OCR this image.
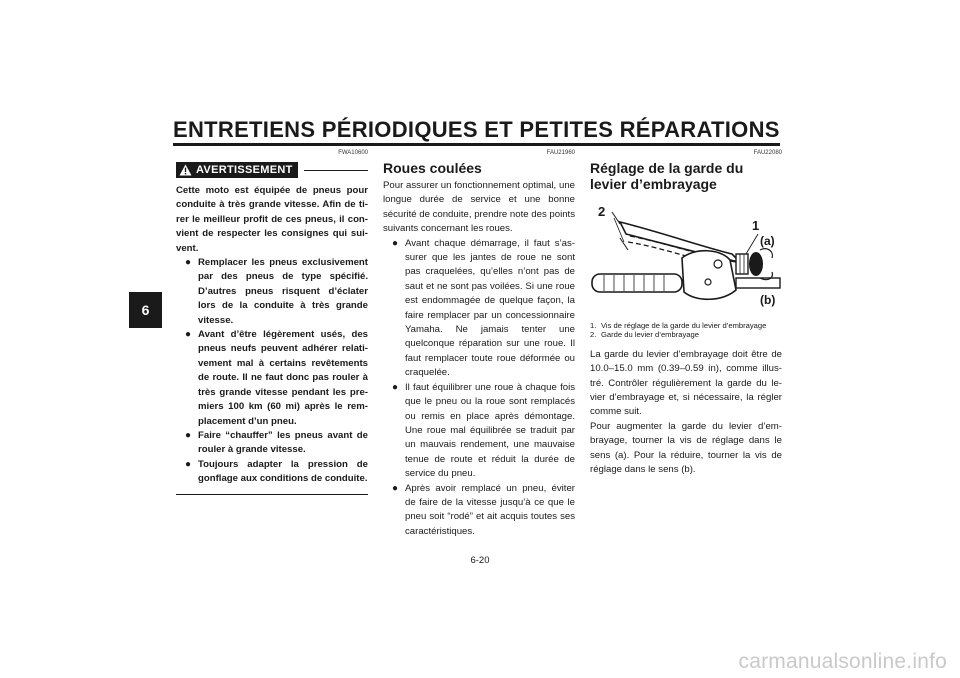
ENTRETIENS PÉRIODIQUES ET PETITES RÉPARATIONS
6
FWA10600
AVERTISSEMENT

Cette moto est équipée de pneus pour conduite à très grande vitesse. Afin de tirer le meilleur profit de ces pneus, il convient de respecter les consignes qui suivent.

● Remplacer les pneus exclusivement par des pneus de type spécifié. D’autres pneus risquent d’éclater lors de la conduite à très grande vitesse.
● Avant d’être légèrement usés, des pneus neufs peuvent adhérer relativement mal à certains revêtements de route. Il ne faut donc pas rouler à très grande vitesse pendant les premiers 100 km (60 mi) après le remplacement d’un pneu.
● Faire “chauffer” les pneus avant de rouler à grande vitesse.
● Toujours adapter la pression de gonflage aux conditions de conduite.
FAU21960
Roues coulées

Pour assurer un fonctionnement optimal, une longue durée de service et une bonne sécurité de conduite, prendre note des points suivants concernant les roues.

● Avant chaque démarrage, il faut s’assurer que les jantes de roue ne sont pas craquelées, qu’elles n’ont pas de saut et ne sont pas voilées. Si une roue est endommagée de quelque façon, la faire remplacer par un concessionnaire Yamaha. Ne jamais tenter une quelconque réparation sur une roue. Il faut remplacer toute roue déformée ou craquelée.
● Il faut équilibrer une roue à chaque fois que le pneu ou la roue sont remplacés ou remis en place après démontage. Une roue mal équilibrée se traduit par un mauvais rendement, une mauvaise tenue de route et réduit la durée de service du pneu.
● Après avoir remplacé un pneu, éviter de faire de la vitesse jusqu’à ce que le pneu soit “rodé” et ait acquis toutes ses caractéristiques.
FAU22080
Réglage de la garde du levier d’embrayage
1
2
(a)
(b)
1. Vis de réglage de la garde du levier d’embrayage
2. Garde du levier d’embrayage

La garde du levier d’embrayage doit être de 10.0–15.0 mm (0.39–0.59 in), comme illustré. Contrôler régulièrement la garde du levier d’embrayage et, si nécessaire, la régler comme suit.

Pour augmenter la garde du levier d’embrayage, tourner la vis de réglage dans le sens (a). Pour la réduire, tourner la vis de réglage dans le sens (b).

6-20

carmanualsonline.info
